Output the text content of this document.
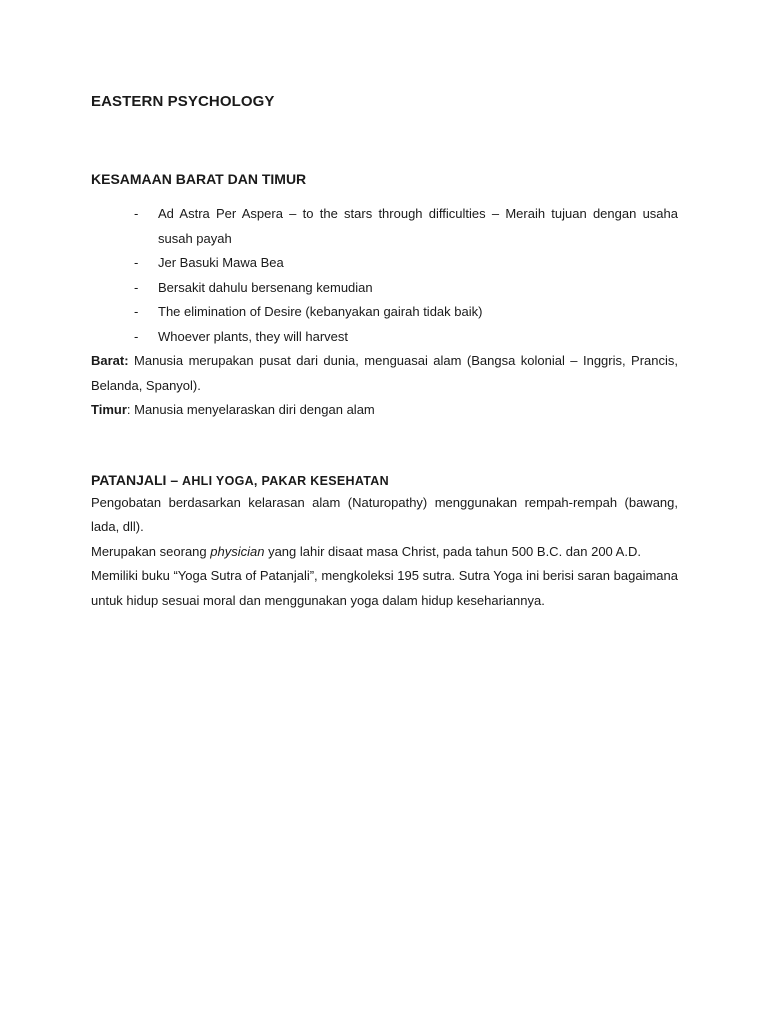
EASTERN PSYCHOLOGY
KESAMAAN BARAT DAN TIMUR
- Ad Astra Per Aspera – to the stars through difficulties – Meraih tujuan dengan usaha susah payah
- Jer Basuki Mawa Bea
- Bersakit dahulu bersenang kemudian
- The elimination of Desire (kebanyakan gairah tidak baik)
- Whoever plants, they will harvest

Barat: Manusia merupakan pusat dari dunia, menguasai alam (Bangsa kolonial – Inggris, Prancis, Belanda, Spanyol).

Timur: Manusia menyelaraskan diri dengan alam

PATANJALI – AHLI YOGA, PAKAR KESEHATAN

Pengobatan berdasarkan kelarasan alam (Naturopathy) menggunakan rempah-rempah (bawang, lada, dll).

Merupakan seorang physician yang lahir disaat masa Christ, pada tahun 500 B.C. dan 200 A.D.

Memiliki buku “Yoga Sutra of Patanjali”, mengkoleksi 195 sutra. Sutra Yoga ini berisi saran bagaimana untuk hidup sesuai moral dan menggunakan yoga dalam hidup kesehariannya.
